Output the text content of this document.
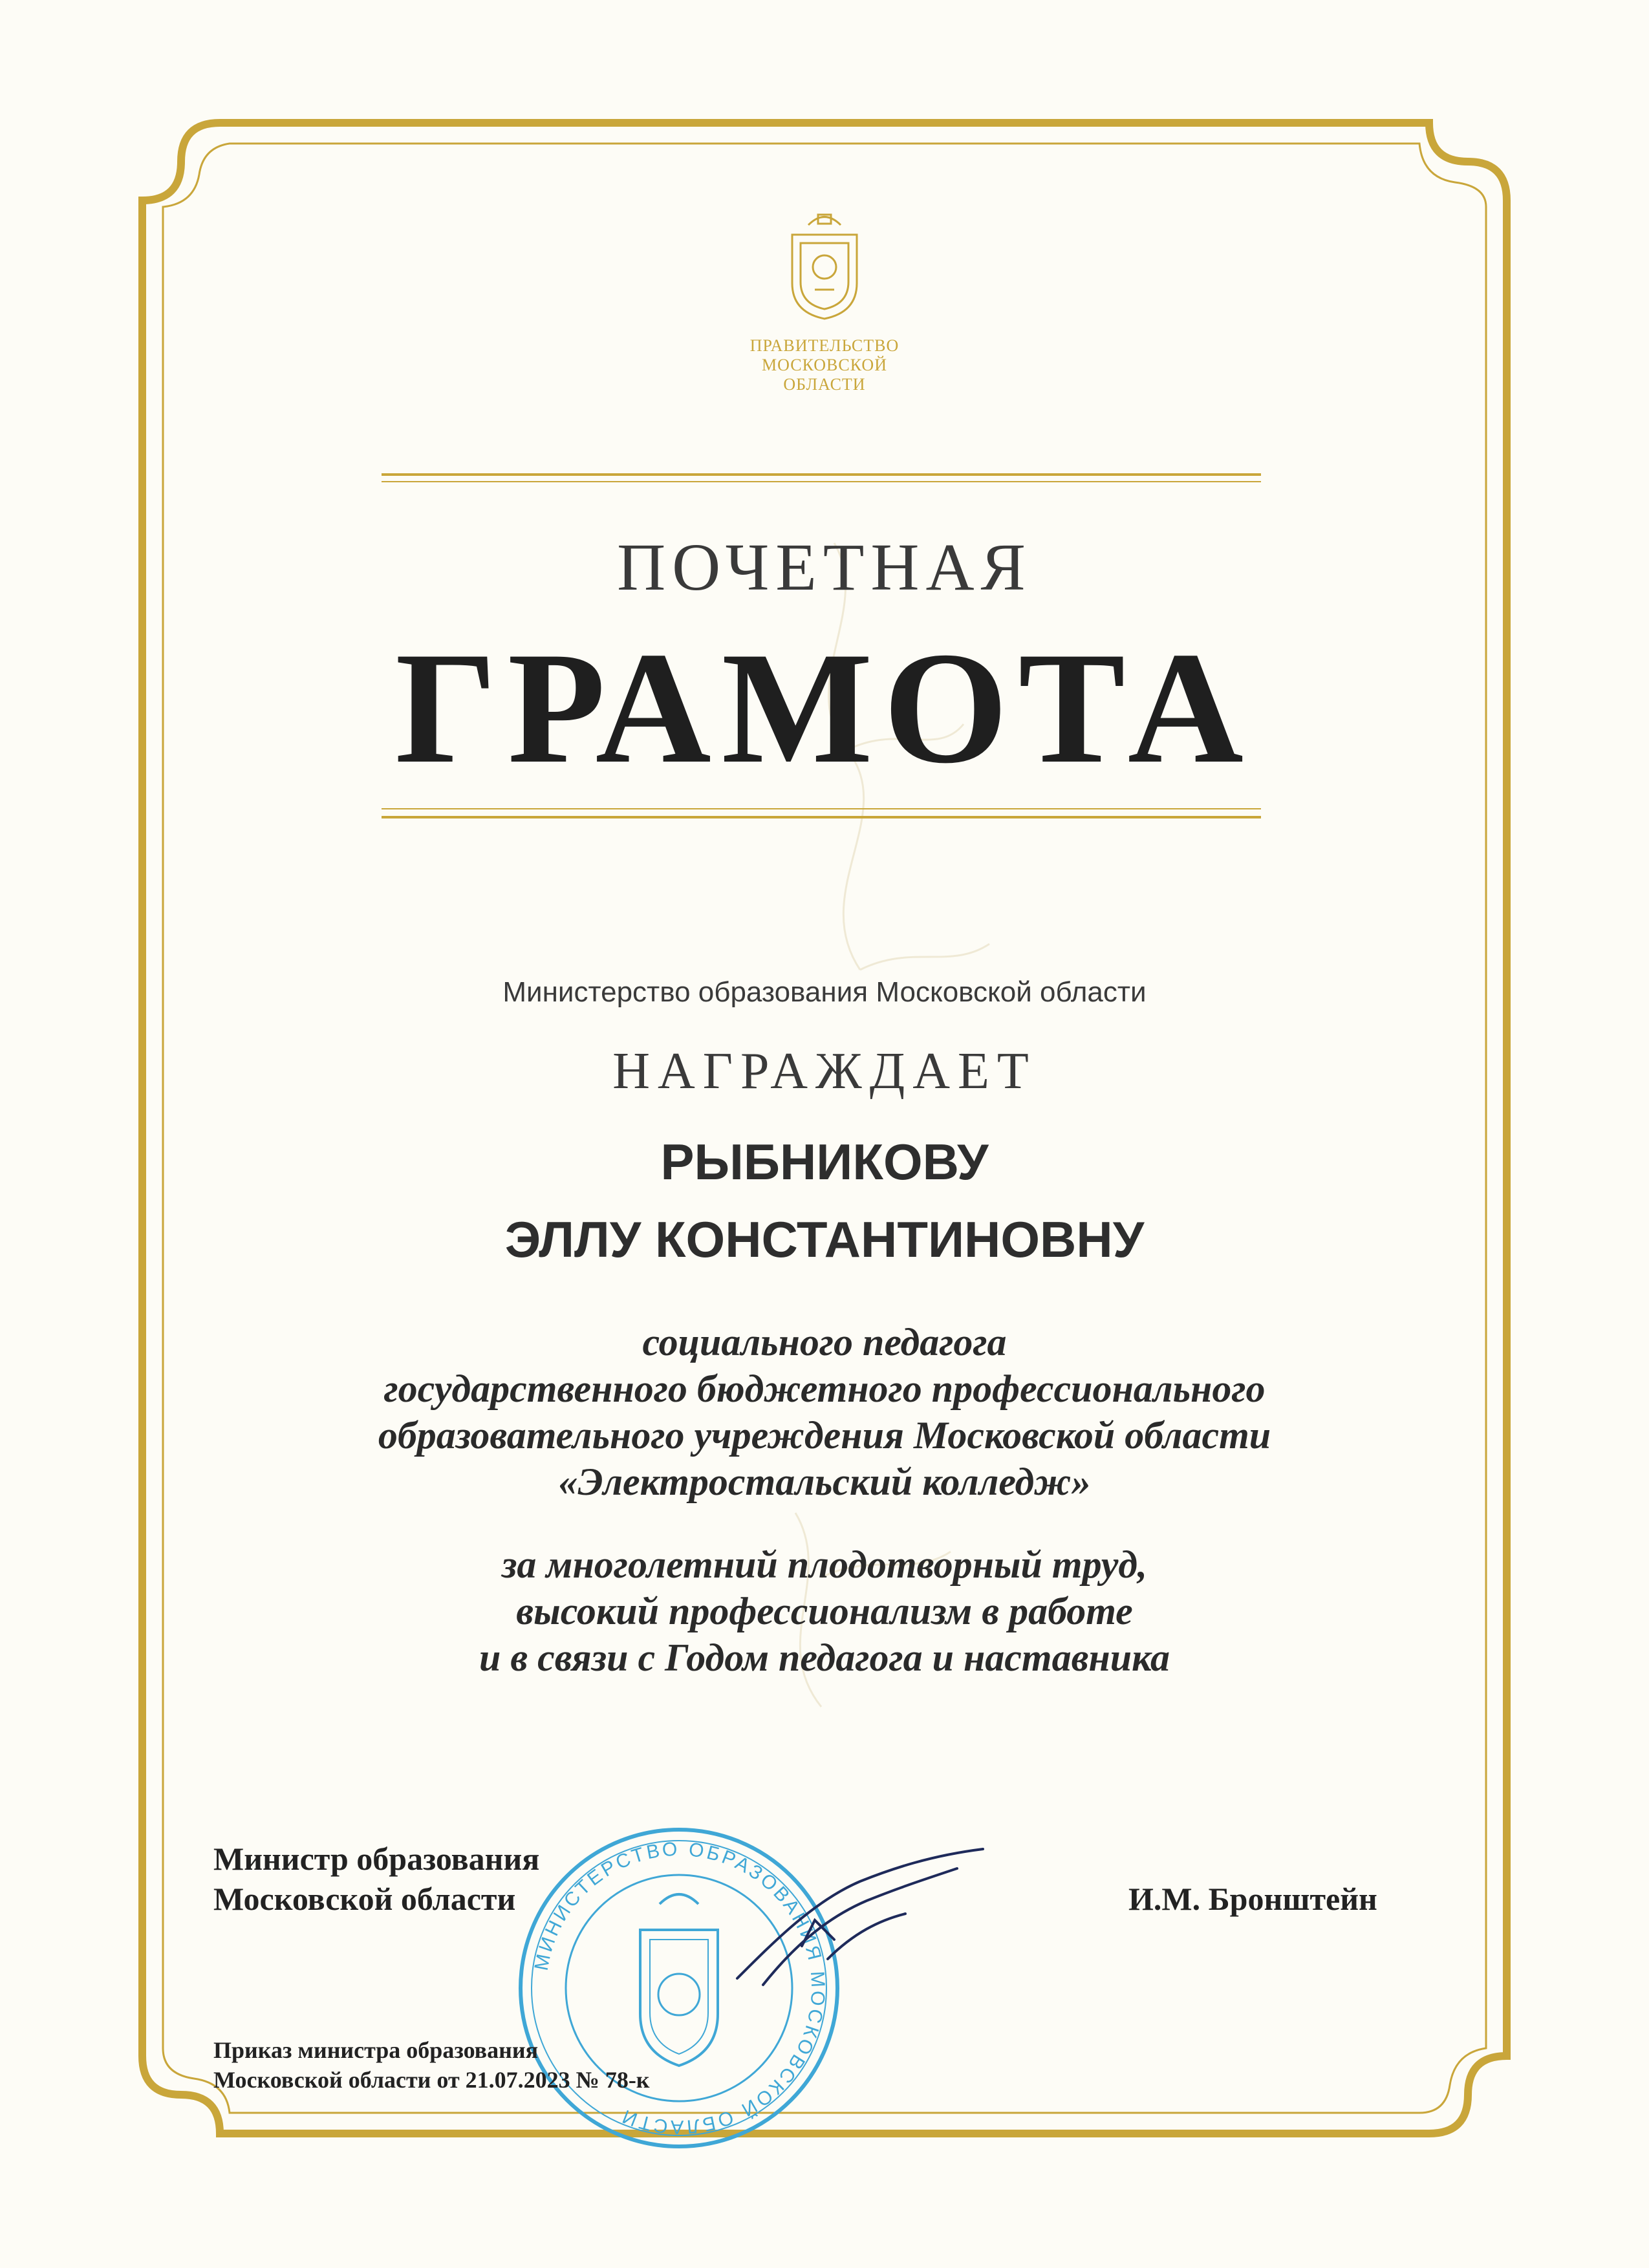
ПРАВИТЕЛЬСТВО
МОСКОВСКОЙ
ОБЛАСТИ
ПОЧЕТНАЯ
ГРАМОТА
Министерство образования Московской области
НАГРАЖДАЕТ
РЫБНИКОВУ
ЭЛЛУ КОНСТАНТИНОВНУ
социального педагога
государственного бюджетного профессионального
образовательного учреждения Московской области
«Электростальский колледж»
за многолетний плодотворный труд,
высокий профессионализм в работе
и в связи с Годом педагога и наставника
МИНИСТЕРСТВО ОБРАЗОВАНИЯ МОСКОВСКОЙ ОБЛАСТИ
Министр образования
Московской области	И.М. Бронштейн
Приказ министра образования
Московской области от 21.07.2023 № 78-к
